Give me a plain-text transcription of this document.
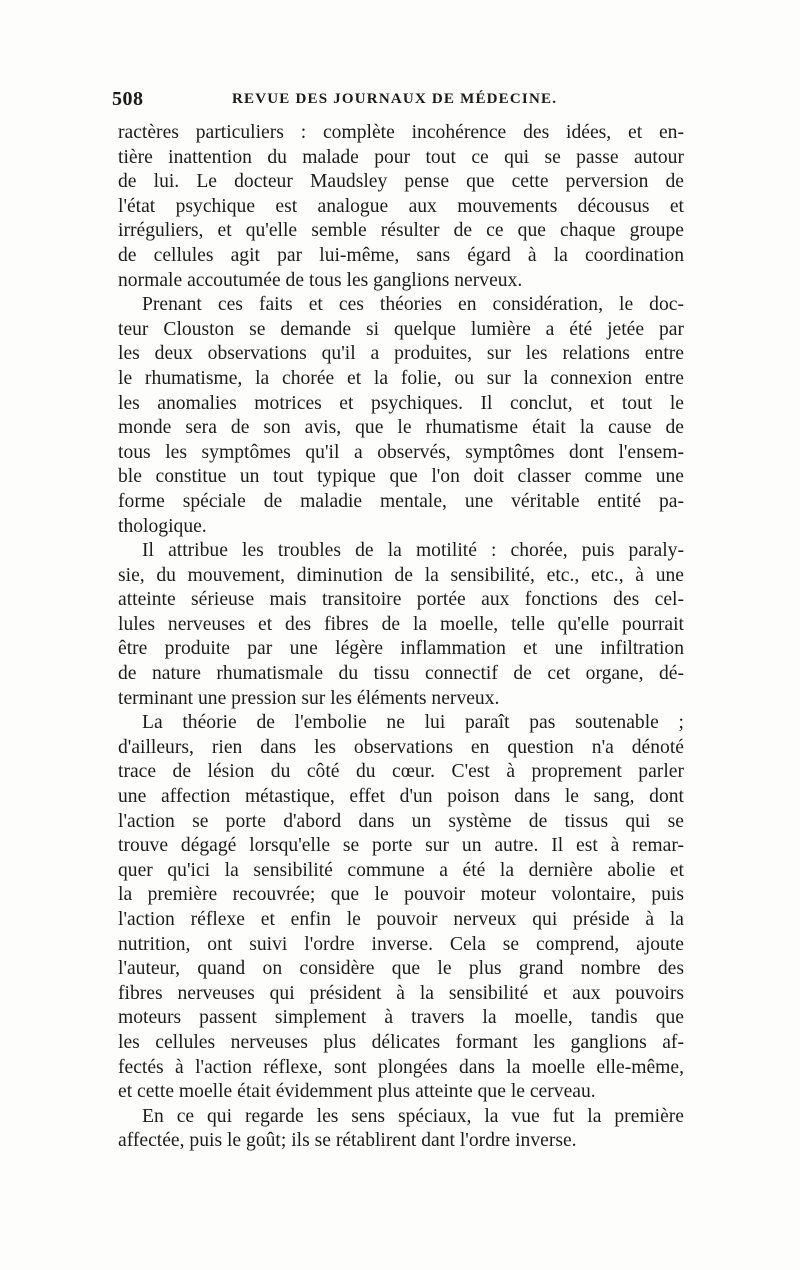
508	REVUE DES JOURNAUX DE MÉDECINE.
ractères particuliers : complète incohérence des idées, et en-
tière inattention du malade pour tout ce qui se passe autour
de lui. Le docteur Maudsley pense que cette perversion de
l'état psychique est analogue aux mouvements décousus et
irréguliers, et qu'elle semble résulter de ce que chaque groupe
de cellules agit par lui-même, sans égard à la coordination
normale accoutumée de tous les ganglions nerveux.
Prenant ces faits et ces théories en considération, le doc-
teur Clouston se demande si quelque lumière a été jetée par
les deux observations qu'il a produites, sur les relations entre
le rhumatisme, la chorée et la folie, ou sur la connexion entre
les anomalies motrices et psychiques. Il conclut, et tout le
monde sera de son avis, que le rhumatisme était la cause de
tous les symptômes qu'il a observés, symptômes dont l'ensem-
ble constitue un tout typique que l'on doit classer comme une
forme spéciale de maladie mentale, une véritable entité pa-
thologique.
Il attribue les troubles de la motilité : chorée, puis paraly-
sie, du mouvement, diminution de la sensibilité, etc., etc., à une
atteinte sérieuse mais transitoire portée aux fonctions des cel-
lules nerveuses et des fibres de la moelle, telle qu'elle pourrait
être produite par une légère inflammation et une infiltration
de nature rhumatismale du tissu connectif de cet organe, dé-
terminant une pression sur les éléments nerveux.
La théorie de l'embolie ne lui paraît pas soutenable ;
d'ailleurs, rien dans les observations en question n'a dénoté
trace de lésion du côté du cœur. C'est à proprement parler
une affection métastique, effet d'un poison dans le sang, dont
l'action se porte d'abord dans un système de tissus qui se
trouve dégagé lorsqu'elle se porte sur un autre. Il est à remar-
quer qu'ici la sensibilité commune a été la dernière abolie et
la première recouvrée; que le pouvoir moteur volontaire, puis
l'action réflexe et enfin le pouvoir nerveux qui préside à la
nutrition, ont suivi l'ordre inverse. Cela se comprend, ajoute
l'auteur, quand on considère que le plus grand nombre des
fibres nerveuses qui président à la sensibilité et aux pouvoirs
moteurs passent simplement à travers la moelle, tandis que
les cellules nerveuses plus délicates formant les ganglions af-
fectés à l'action réflexe, sont plongées dans la moelle elle-même,
et cette moelle était évidemment plus atteinte que le cerveau.
En ce qui regarde les sens spéciaux, la vue fut la première
affectée, puis le goût; ils se rétablirent dant l'ordre inverse.
